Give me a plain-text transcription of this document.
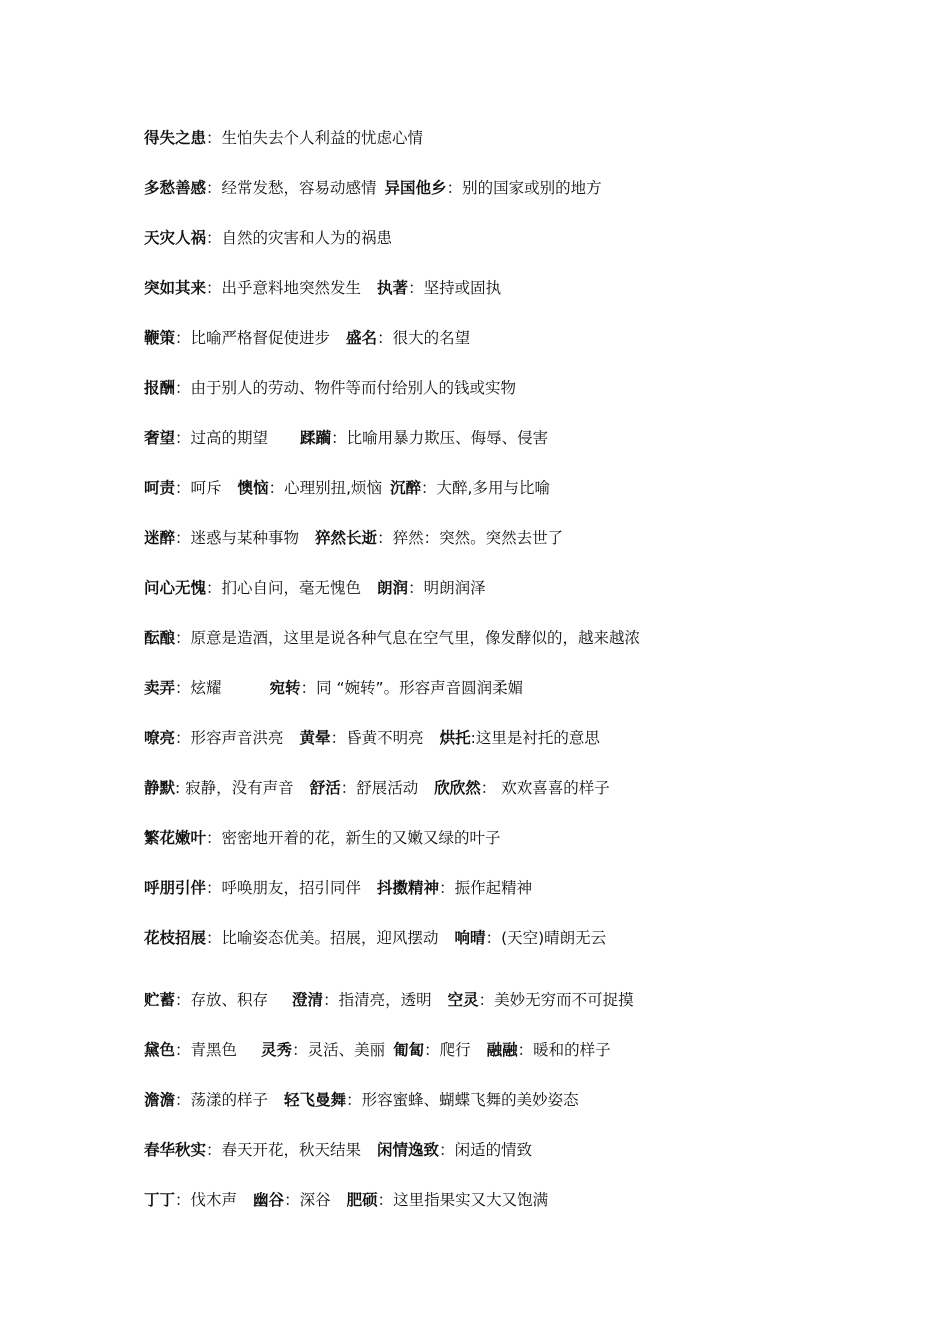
得失之患：生怕失去个人利益的忧虑心情
多愁善感：经常发愁，容易动感情 异国他乡：别的国家或别的地方
天灾人祸：自然的灾害和人为的祸患
突如其来：出乎意料地突然发生 执著：坚持或固执
鞭策：比喻严格督促使进步 盛名：很大的名望
报酬：由于别人的劳动、物件等而付给别人的钱或实物
奢望：过高的期望 蹂躏：比喻用暴力欺压、侮辱、侵害
呵责：呵斥 懊恼：心理别扭,烦恼 沉醉：大醉,多用与比喻
迷醉：迷惑与某种事物 猝然长逝：猝然：突然。突然去世了
问心无愧：扪心自问，毫无愧色 朗润：明朗润泽
酝酿：原意是造酒，这里是说各种气息在空气里，像发酵似的，越来越浓
卖弄：炫耀	宛转：同 “婉转”。形容声音圆润柔媚
嘹亮：形容声音洪亮 黄晕：昏黄不明亮 烘托:这里是衬托的意思
静默: 寂静，没有声音 舒活：舒展活动 欣欣然： 欢欢喜喜的样子
繁花嫩叶：密密地开着的花，新生的又嫩又绿的叶子
呼朋引伴：呼唤朋友，招引同伴 抖擞精神：振作起精神
花枝招展：比喻姿态优美。招展，迎风摆动 响晴：(天空)晴朗无云
贮蓄：存放、积存 澄清：指清亮，透明 空灵：美妙无穷而不可捉摸
黛色：青黑色 灵秀：灵活、美丽 匍匐：爬行 融融：暖和的样子
澹澹：荡漾的样子 轻飞曼舞：形容蜜蜂、蝴蝶飞舞的美妙姿态
春华秋实：春天开花，秋天结果 闲情逸致：闲适的情致
丁丁：伐木声 幽谷：深谷 肥硕：这里指果实又大又饱满
